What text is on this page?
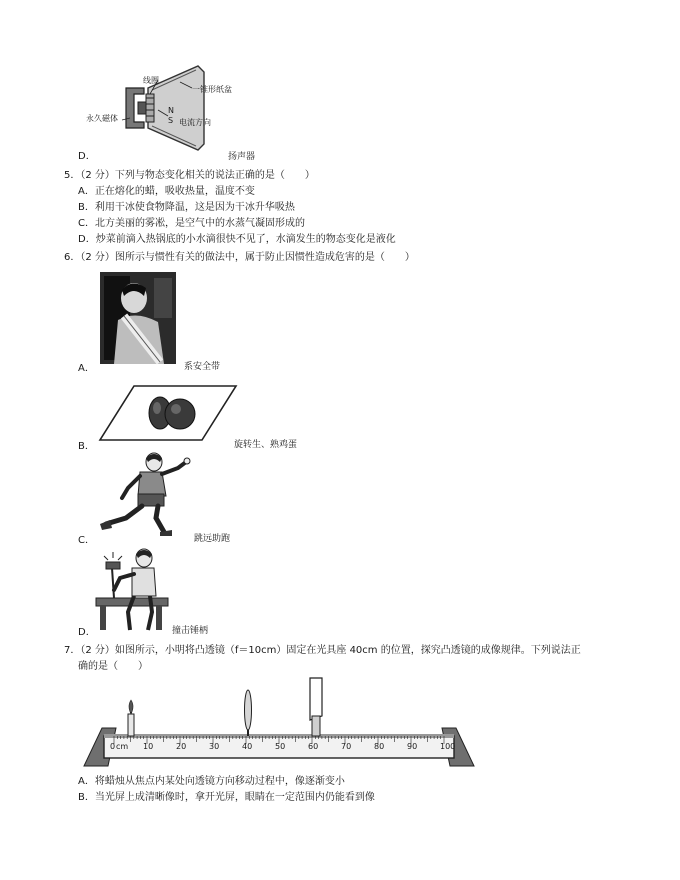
线圈
一锥形纸盆
永久磁体
N
S 电流方向
D．	扬声器
5．（2 分）下列与物态变化相关的说法正确的是（　　）
A．正在熔化的蜡，吸收热量，温度不变
B．利用干冰使食物降温，这是因为干冰升华吸热
C．北方美丽的雾凇，是空气中的水蒸气凝固形成的
D．炒菜前滴入热锅底的小水滴很快不见了，水滴发生的物态变化是液化
6．（2 分）图所示与惯性有关的做法中，属于防止因惯性造成危害的是（　　）
A．	系安全带
B．	旋转生、熟鸡蛋
C．	跳远助跑
D．	撞击锤柄
7．（2 分）如图所示，小明将凸透镜（f＝10cm）固定在光具座 40cm 的位置，探究凸透镜的成像规律。下列说法正
确的是（　　）
cm 10	20	30	40	50	60	70	80	90	100
0
A．将蜡烛从焦点内某处向透镜方向移动过程中，像逐渐变小
B．当光屏上成清晰像时，拿开光屏，眼睛在一定范围内仍能看到像
